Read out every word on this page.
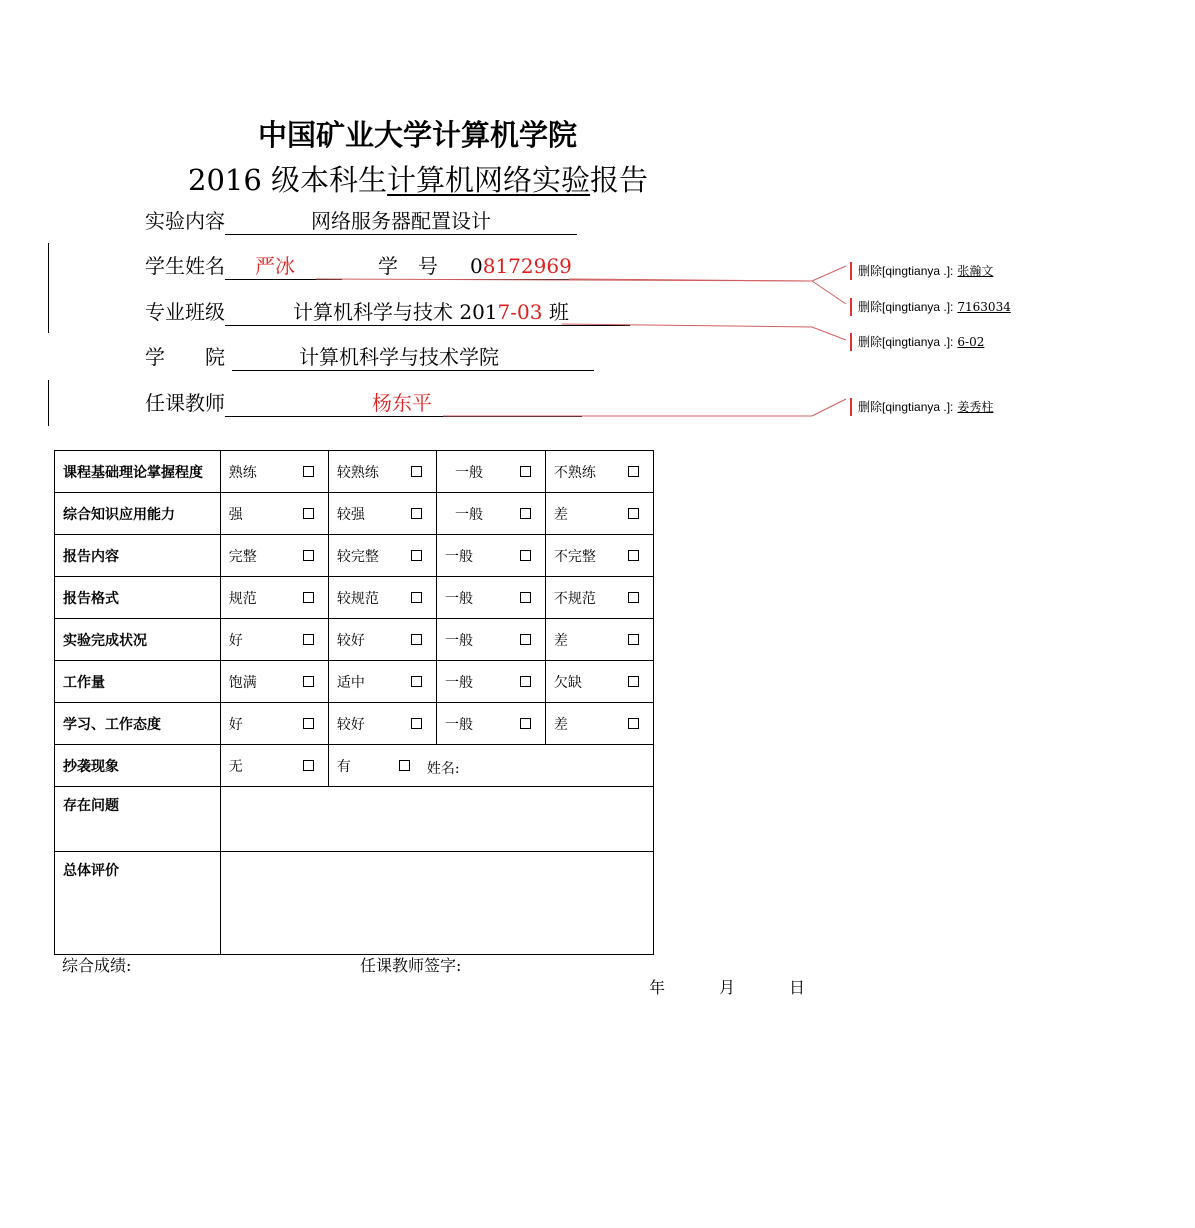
中国矿业大学计算机学院
2016 级本科生计算机网络实验报告
实验内容	网络服务器配置设计
学生姓名 严冰	学　号 08172969
专业班级	计算机科学与技术 2017-03 班
学　　院	计算机科学与技术学院
任课教师	杨东平
删除[qingtianya .]: 张瀚文
删除[qingtianya .]: 7163034
删除[qingtianya .]: 6-02
删除[qingtianya .]: 姜秀柱
课程基础理论掌握程度	熟练	较熟练	一般	不熟练

综合知识应用能力	强	较强	一般	差

报告内容	完整	较完整	一般	不完整

报告格式	规范	较规范	一般	不规范

实验完成状况	好	较好	一般	差

工作量	饱满	适中	一般	欠缺

学习、工作态度	好	较好	一般	差

抄袭现象	无	有 姓名:		

存在问题				
总体评价				
综合成绩:	任课教师签字:
年	月	日
